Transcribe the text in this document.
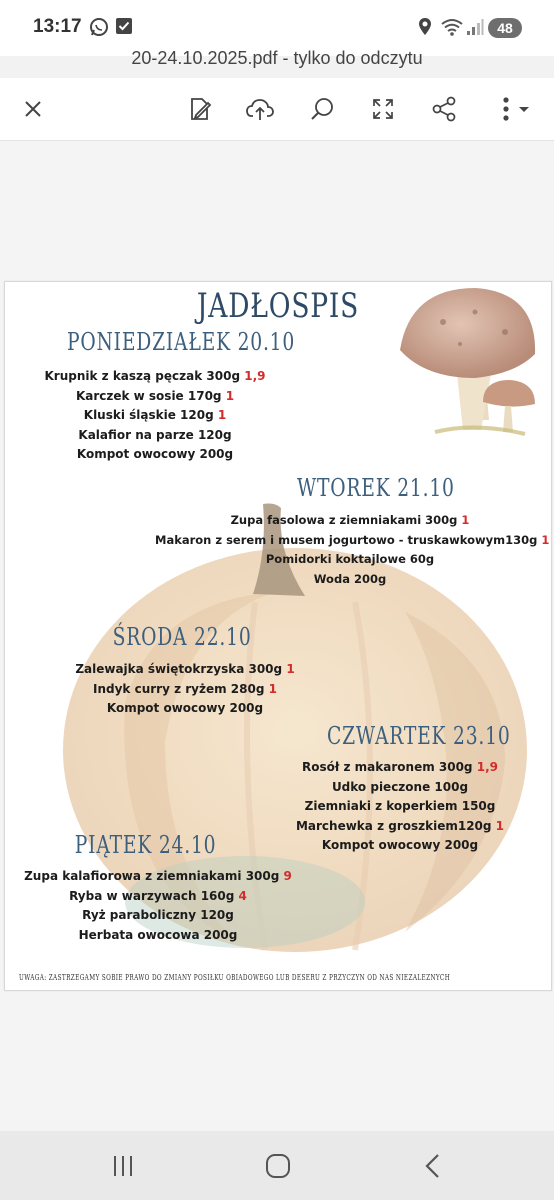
13:17	48
20-24.10.2025.pdf - tylko do odczytu
JADŁOSPIS
PONIEDZIAŁEK 20.10
Krupnik z kaszą pęczak 300g 1,9
Karczek w sosie 170g 1
Kluski śląskie 120g 1
Kalafior na parze 120g
Kompot owocowy 200g
WTOREK 21.10
Zupa fasolowa z ziemniakami 300g 1
Makaron z serem i musem jogurtowo - truskawkowym130g 1
Pomidorki koktajlowe 60g
Woda 200g
ŚRODA 22.10
Zalewajka świętokrzyska 300g 1
Indyk curry z ryżem 280g 1
Kompot owocowy 200g
CZWARTEK 23.10
Rosół z makaronem 300g 1,9
Udko pieczone 100g
Ziemniaki z koperkiem 150g
Marchewka z groszkiem120g 1
Kompot owocowy 200g
PIĄTEK 24.10
Zupa kalafiorowa z ziemniakami 300g 9
Ryba w warzywach 160g 4
Ryż paraboliczny 120g
Herbata owocowa 200g
UWAGA: ZASTRZEGAMY SOBIE PRAWO DO ZMIANY POSIŁKU OBIADOWEGO LUB DESERU Z PRZYCZYN OD NAS NIEZALEŻNYCH
